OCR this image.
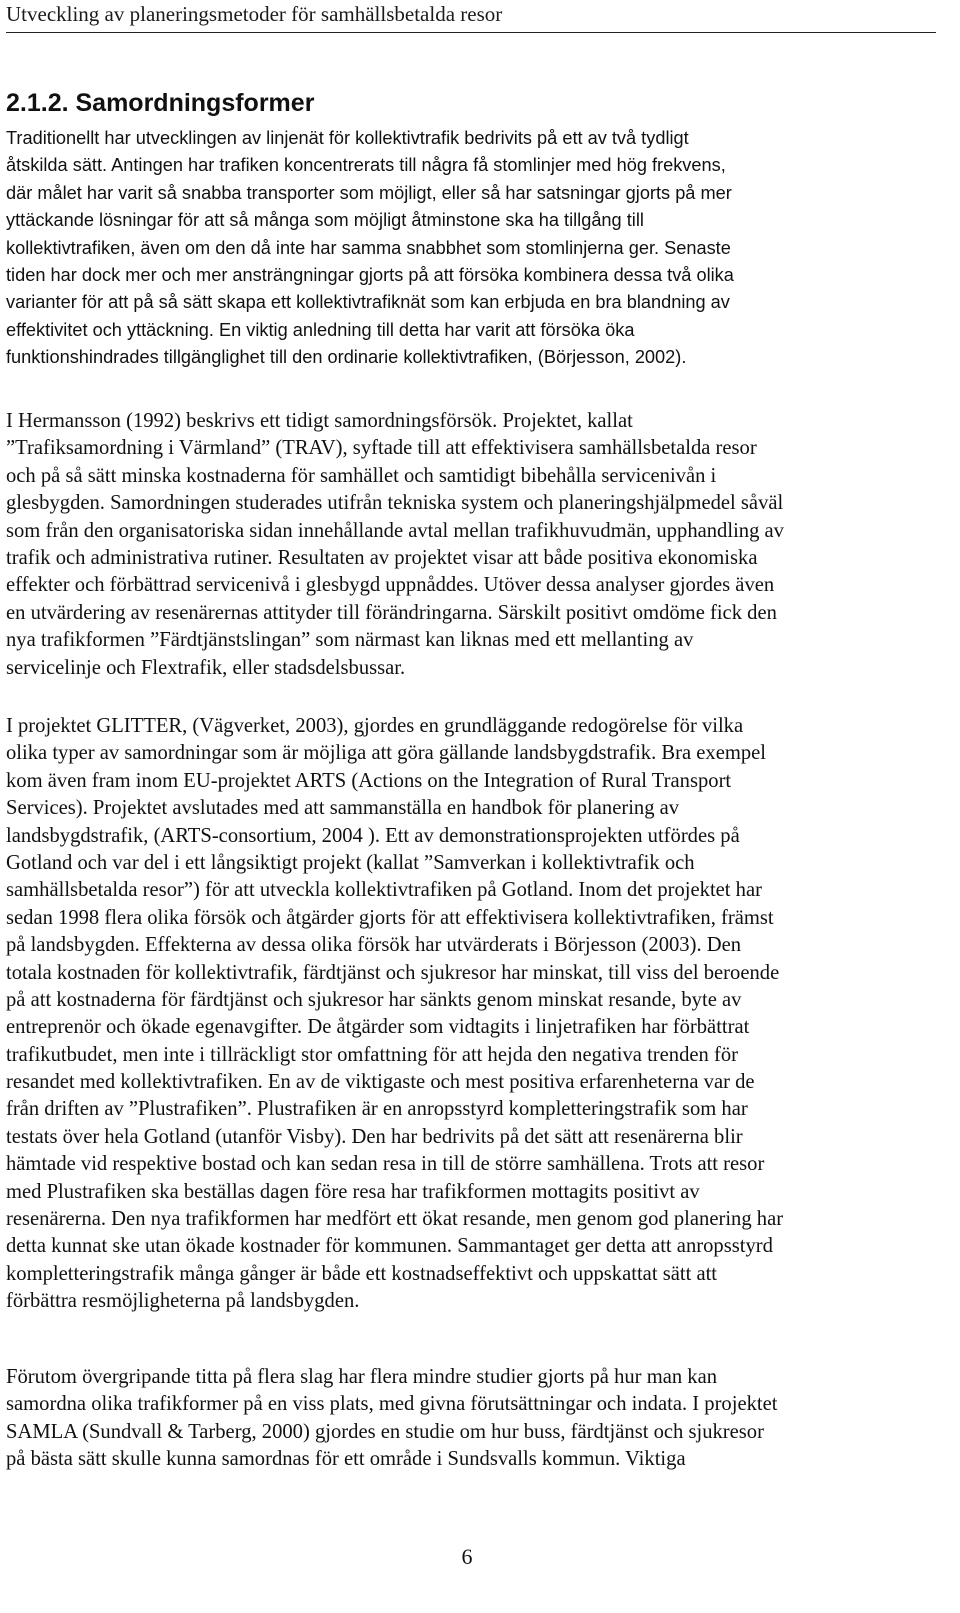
Utveckling av planeringsmetoder för samhällsbetalda resor
2.1.2. Samordningsformer

Traditionellt har utvecklingen av linjenät för kollektivtrafik bedrivits på ett av två tydligt
åtskilda sätt. Antingen har trafiken koncentrerats till några få stomlinjer med hög frekvens,
där målet har varit så snabba transporter som möjligt, eller så har satsningar gjorts på mer
yttäckande lösningar för att så många som möjligt åtminstone ska ha tillgång till
kollektivtrafiken, även om den då inte har samma snabbhet som stomlinjerna ger. Senaste
tiden har dock mer och mer ansträngningar gjorts på att försöka kombinera dessa två olika
varianter för att på så sätt skapa ett kollektivtrafiknät som kan erbjuda en bra blandning av
effektivitet och yttäckning. En viktig anledning till detta har varit att försöka öka
funktionshindrades tillgänglighet till den ordinarie kollektivtrafiken, (Börjesson, 2002).

I Hermansson (1992) beskrivs ett tidigt samordningsförsök. Projektet, kallat
”Trafiksamordning i Värmland” (TRAV), syftade till att effektivisera samhällsbetalda resor
och på så sätt minska kostnaderna för samhället och samtidigt bibehålla servicenivån i
glesbygden. Samordningen studerades utifrån tekniska system och planeringshjälpmedel såväl
som från den organisatoriska sidan innehållande avtal mellan trafikhuvudmän, upphandling av
trafik och administrativa rutiner. Resultaten av projektet visar att både positiva ekonomiska
effekter och förbättrad servicenivå i glesbygd uppnåddes. Utöver dessa analyser gjordes även
en utvärdering av resenärernas attityder till förändringarna. Särskilt positivt omdöme fick den
nya trafikformen ”Färdtjänstslingan” som närmast kan liknas med ett mellanting av
servicelinje och Flextrafik, eller stadsdelsbussar.

I projektet GLITTER, (Vägverket, 2003), gjordes en grundläggande redogörelse för vilka
olika typer av samordningar som är möjliga att göra gällande landsbygdstrafik. Bra exempel
kom även fram inom EU-projektet ARTS (Actions on the Integration of Rural Transport
Services). Projektet avslutades med att sammanställa en handbok för planering av
landsbygdstrafik, (ARTS-consortium, 2004 ). Ett av demonstrationsprojekten utfördes på
Gotland och var del i ett långsiktigt projekt (kallat ”Samverkan i kollektivtrafik och
samhällsbetalda resor”) för att utveckla kollektivtrafiken på Gotland. Inom det projektet har
sedan 1998 flera olika försök och åtgärder gjorts för att effektivisera kollektivtrafiken, främst
på landsbygden. Effekterna av dessa olika försök har utvärderats i Börjesson (2003). Den
totala kostnaden för kollektivtrafik, färdtjänst och sjukresor har minskat, till viss del beroende
på att kostnaderna för färdtjänst och sjukresor har sänkts genom minskat resande, byte av
entreprenör och ökade egenavgifter. De åtgärder som vidtagits i linjetrafiken har förbättrat
trafikutbudet, men inte i tillräckligt stor omfattning för att hejda den negativa trenden för
resandet med kollektivtrafiken. En av de viktigaste och mest positiva erfarenheterna var de
från driften av ”Plustrafiken”. Plustrafiken är en anropsstyrd kompletteringstrafik som har
testats över hela Gotland (utanför Visby). Den har bedrivits på det sätt att resenärerna blir
hämtade vid respektive bostad och kan sedan resa in till de större samhällena. Trots att resor
med Plustrafiken ska beställas dagen före resa har trafikformen mottagits positivt av
resenärerna. Den nya trafikformen har medfört ett ökat resande, men genom god planering har
detta kunnat ske utan ökade kostnader för kommunen. Sammantaget ger detta att anropsstyrd
kompletteringstrafik många gånger är både ett kostnadseffektivt och uppskattat sätt att
förbättra resmöjligheterna på landsbygden.

Förutom övergripande titta på flera slag har flera mindre studier gjorts på hur man kan
samordna olika trafikformer på en viss plats, med givna förutsättningar och indata. I projektet
SAMLA (Sundvall & Tarberg, 2000) gjordes en studie om hur buss, färdtjänst och sjukresor
på bästa sätt skulle kunna samordnas för ett område i Sundsvalls kommun. Viktiga

6
